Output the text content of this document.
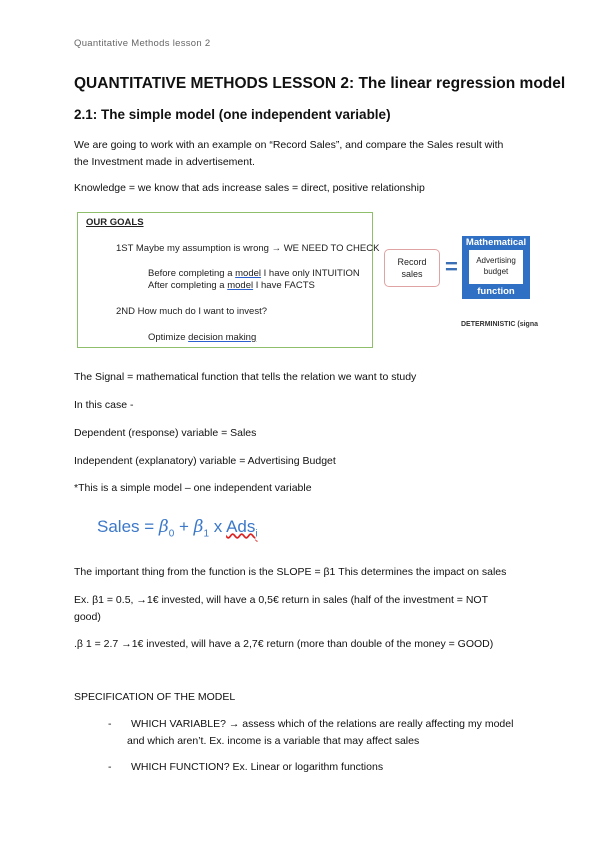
Quantitative Methods lesson 2
QUANTITATIVE METHODS LESSON 2: The linear regression model
2.1: The simple model (one independent variable)
We are going to work with an example on “Record Sales”, and compare the Sales result with
the Investment made in advertisement.
Knowledge = we know that ads increase sales = direct, positive relationship
OUR GOALS
1ST Maybe my assumption is wrong → WE NEED TO CHECK
Before completing a model I have only INTUITION
After completing a model I have FACTS
2ND How much do I want to invest?
Optimize decision making
Record
sales	=
Mathematical
Advertising
budget
function
DETERMINISTIC (signa
The Signal = mathematical function that tells the relation we want to study
In this case -
Dependent (response) variable = Sales
Independent (explanatory) variable = Advertising Budget
*This is a simple model – one independent variable
Sales = $\beta_0 + \beta_1$ x Ads$_i$
The important thing from the function is the SLOPE = β1 This determines the impact on sales
Ex. β1 = 0.5, →1€ invested, will have a 0,5€ return in sales (half of the investment = NOT
good)
.β 1 = 2.7 →1€ invested, will have a 2,7€ return (more than double of the money = GOOD)
SPECIFICATION OF THE MODEL
- WHICH VARIABLE? → assess which of the relations are really affecting my model
and which aren’t. Ex. income is a variable that may affect sales
- WHICH FUNCTION? Ex. Linear or logarithm functions
